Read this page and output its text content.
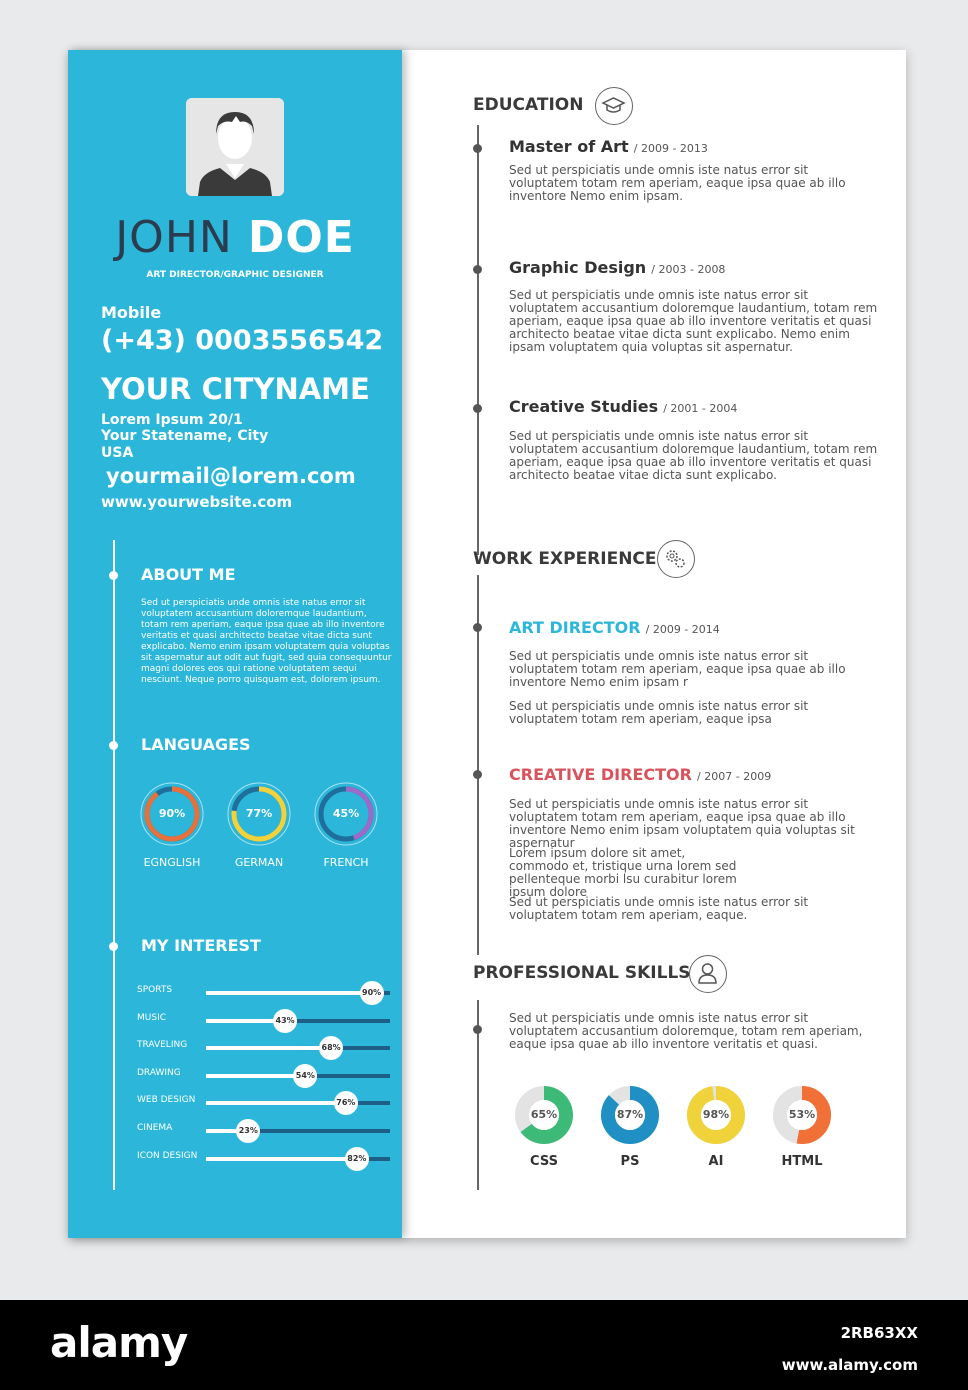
JOHN DOE
ART DIRECTOR/GRAPHIC DESIGNER
Mobile
(+43) 0003556542
YOUR CITYNAME
Lorem Ipsum 20/1
Your Statename, City
USA
yourmail@lorem.com
www.yourwebsite.com
ABOUT ME
Sed ut perspiciatis unde omnis iste natus error sit voluptatem accusantium doloremque laudantium, totam rem aperiam, eaque ipsa quae ab illo inventore veritatis et quasi architecto beatae vitae dicta sunt explicabo. Nemo enim ipsam voluptatem quia voluptas sit aspernatur aut odit aut fugit, sed quia consequuntur magni dolores eos qui ratione voluptatem sequi nesciunt. Neque porro quisquam est, dolorem ipsum.
LANGUAGES
90%
EGNGLISH
77%
GERMAN
45%
FRENCH
MY INTEREST
SPORTS	90%
MUSIC	43%
TRAVELING	68%
DRAWING	54%
WEB DESIGN	76%
CINEMA	23%
ICON DESIGN	82%
EDUCATION
Master of Art / 2009 - 2013
Sed ut perspiciatis unde omnis iste natus error sit voluptatem totam rem aperiam, eaque ipsa quae ab illo inventore Nemo enim ipsam.
Graphic Design / 2003 - 2008
Sed ut perspiciatis unde omnis iste natus error sit voluptatem accusantium doloremque laudantium, totam rem aperiam, eaque ipsa quae ab illo inventore veritatis et quasi architecto beatae vitae dicta sunt explicabo. Nemo enim ipsam voluptatem quia voluptas sit aspernatur.
Creative Studies / 2001 - 2004
Sed ut perspiciatis unde omnis iste natus error sit voluptatem accusantium doloremque laudantium, totam rem aperiam, eaque ipsa quae ab illo inventore veritatis et quasi architecto beatae vitae dicta sunt explicabo.
WORK EXPERIENCE
ART DIRECTOR / 2009 - 2014
Sed ut perspiciatis unde omnis iste natus error sit voluptatem totam rem aperiam, eaque ipsa quae ab illo inventore Nemo enim ipsam r
Sed ut perspiciatis unde omnis iste natus error sit voluptatem totam rem aperiam, eaque ipsa
CREATIVE DIRECTOR / 2007 - 2009
Sed ut perspiciatis unde omnis iste natus error sit voluptatem totam rem aperiam, eaque ipsa quae ab illo inventore Nemo enim ipsam voluptatem quia voluptas sit aspernatur
Lorem ipsum dolore sit amet, commodo et, tristique urna lorem sed pellenteque morbi lsu curabitur lorem ipsum dolore
Sed ut perspiciatis unde omnis iste natus error sit voluptatem totam rem aperiam, eaque.
PROFESSIONAL SKILLS
Sed ut perspiciatis unde omnis iste natus error sit voluptatem accusantium doloremque, totam rem aperiam, eaque ipsa quae ab illo inventore veritatis et quasi.
65%
CSS
87%
PS
98%
AI
53%
HTML
alamy	2RB63XX
www.alamy.com
